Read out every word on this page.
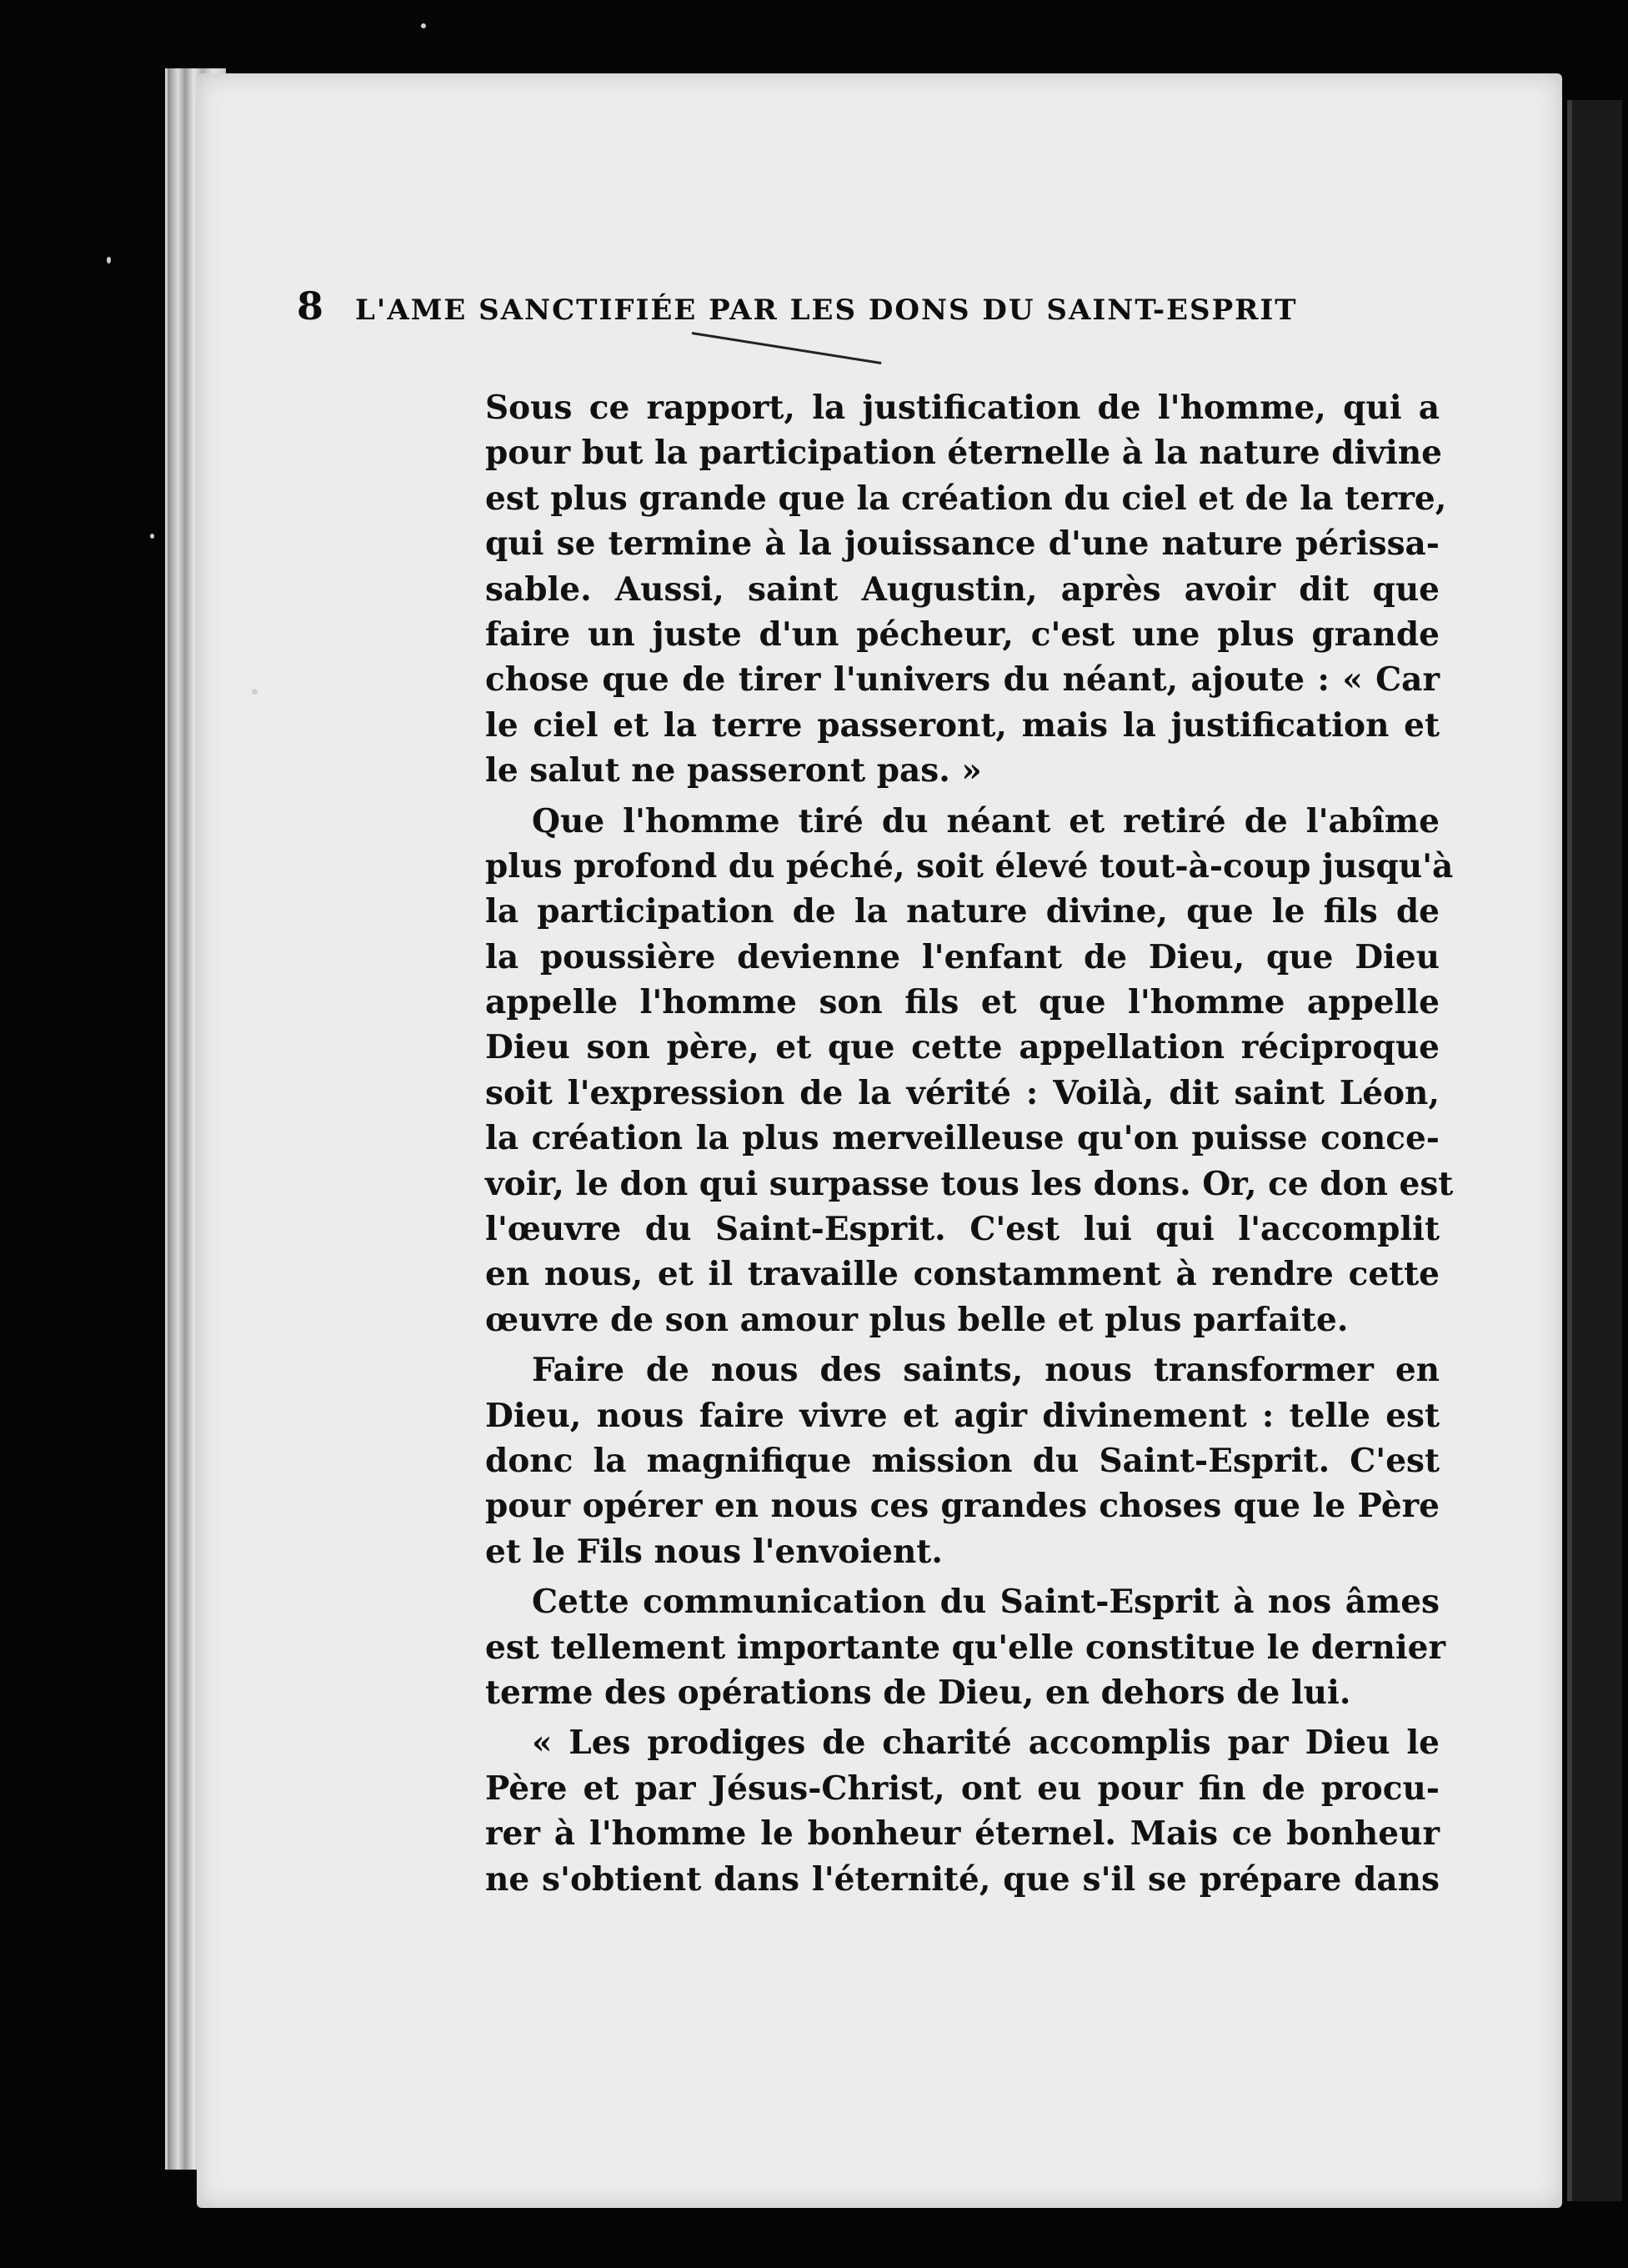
8 L'AME SANCTIFIÉE PAR LES DONS DU SAINT-ESPRIT
Sous ce rapport, la justification de l'homme, qui a
pour but la participation éternelle à la nature divine
est plus grande que la création du ciel et de la terre,
qui se termine à la jouissance d'une nature périssa-
sable. Aussi, saint Augustin, après avoir dit que
faire un juste d'un pécheur, c'est une plus grande
chose que de tirer l'univers du néant, ajoute : « Car
le ciel et la terre passeront, mais la justification et
le salut ne passeront pas. »
Que l'homme tiré du néant et retiré de l'abîme
plus profond du péché, soit élevé tout-à-coup jusqu'à
la participation de la nature divine, que le fils de
la poussière devienne l'enfant de Dieu, que Dieu
appelle l'homme son fils et que l'homme appelle
Dieu son père, et que cette appellation réciproque
soit l'expression de la vérité : Voilà, dit saint Léon,
la création la plus merveilleuse qu'on puisse conce-
voir, le don qui surpasse tous les dons. Or, ce don est
l'œuvre du Saint-Esprit. C'est lui qui l'accomplit
en nous, et il travaille constamment à rendre cette
œuvre de son amour plus belle et plus parfaite.
Faire de nous des saints, nous transformer en
Dieu, nous faire vivre et agir divinement : telle est
donc la magnifique mission du Saint-Esprit. C'est
pour opérer en nous ces grandes choses que le Père
et le Fils nous l'envoient.
Cette communication du Saint-Esprit à nos âmes
est tellement importante qu'elle constitue le dernier
terme des opérations de Dieu, en dehors de lui.
« Les prodiges de charité accomplis par Dieu le
Père et par Jésus-Christ, ont eu pour fin de procu-
rer à l'homme le bonheur éternel. Mais ce bonheur
ne s'obtient dans l'éternité, que s'il se prépare dans
